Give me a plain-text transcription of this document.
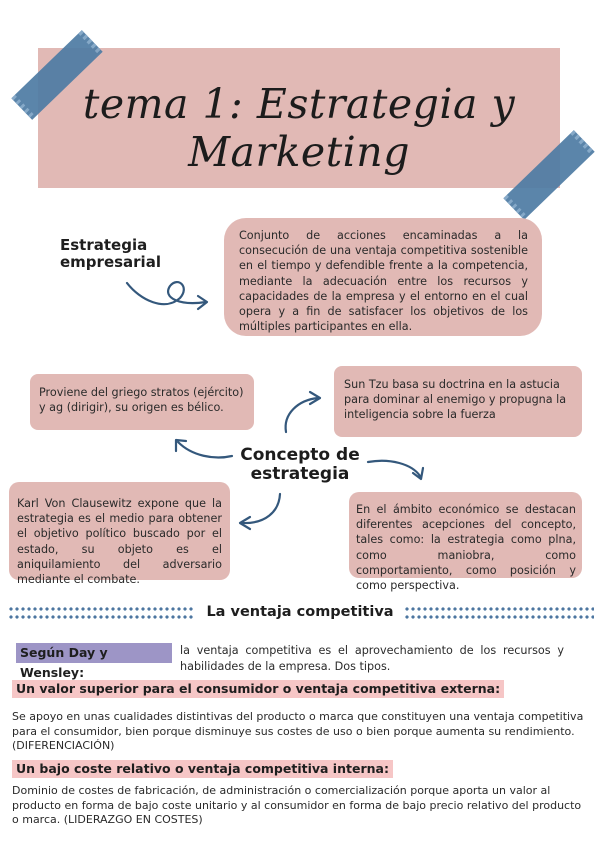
tema 1: Estrategia y Marketing
Estrategia
empresarial
Conjunto de acciones encaminadas a la consecución de una ventaja competitiva sostenible en el tiempo y defendible frente a la competencia, mediante la adecuación entre los recursos y capacidades de la empresa y el entorno en el cual opera y a fin de satisfacer los objetivos de los múltiples participantes en ella.
Proviene del griego stratos (ejército) y ag (dirigir), su origen es bélico.
Sun Tzu basa su doctrina en la astucia para dominar al enemigo y propugna la inteligencia sobre la fuerza
Karl Von Clausewitz expone que la estrategia es el medio para obtener el objetivo político buscado por el estado, su objeto es el aniquilamiento del adversario mediante el combate.
En el ámbito económico se destacan diferentes acepciones del concepto, tales como: la estrategia como plna, como maniobra, como comportamiento, como posición y como perspectiva.
Concepto de
estrategia
La ventaja competitiva
Según Day y Wensley:
la ventaja competitiva es el aprovechamiento de los recursos y habilidades de la empresa. Dos tipos.
Un valor superior para el consumidor o ventaja competitiva externa:
Se apoyo en unas cualidades distintivas del producto o marca que constituyen una ventaja competitiva para el consumidor, bien porque disminuye sus costes de uso o bien porque aumenta su rendimiento. (DIFERENCIACIÓN)
Un bajo coste relativo o ventaja competitiva interna:
Dominio de costes de fabricación, de administración o comercialización porque aporta un valor al producto en forma de bajo coste unitario y al consumidor en forma de bajo precio relativo del producto o marca. (LIDERAZGO EN COSTES)
